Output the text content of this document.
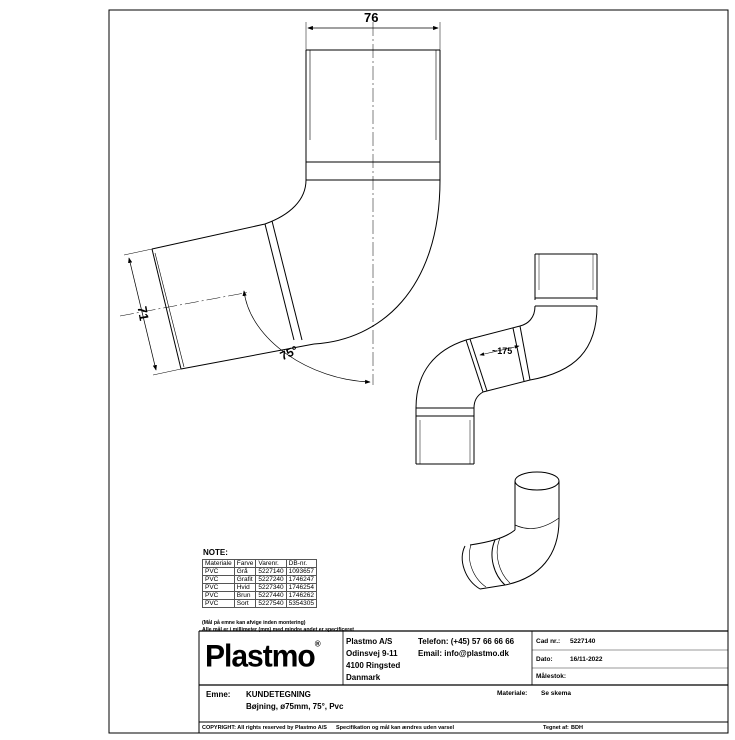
76
71
75°	~175
NOTE:
Materiale	Farve	Varenr.	DB-nr.
PVC	Grå	5227140	1093657
PVC	Grafit	5227240	1746247
PVC	Hvid	5227340	1746254
PVC	Brun	5227440	1746262
PVC	Sort	5227540	5354305
(Mål på emne kan afvige inden montering)
Alle mål er i millimeter (mm) med mindre andet er specificeret
Plastmo®	Plastmo A/S
Odinsvej 9-11
4100 Ringsted
Danmark
Telefon: (+45) 57 66 66 66
Email: info@plastmo.dk
Cad nr.: 5227140
Dato:	16/11-2022
Målestok:
Emne: KUNDETEGNING
Bøjning, ø75mm, 75°, Pvc
Materiale: Se skema
COPYRIGHT: All rights reserved by Plastmo A/S Specifikation og mål kan ændres uden varsel	Tegnet af: BDH
